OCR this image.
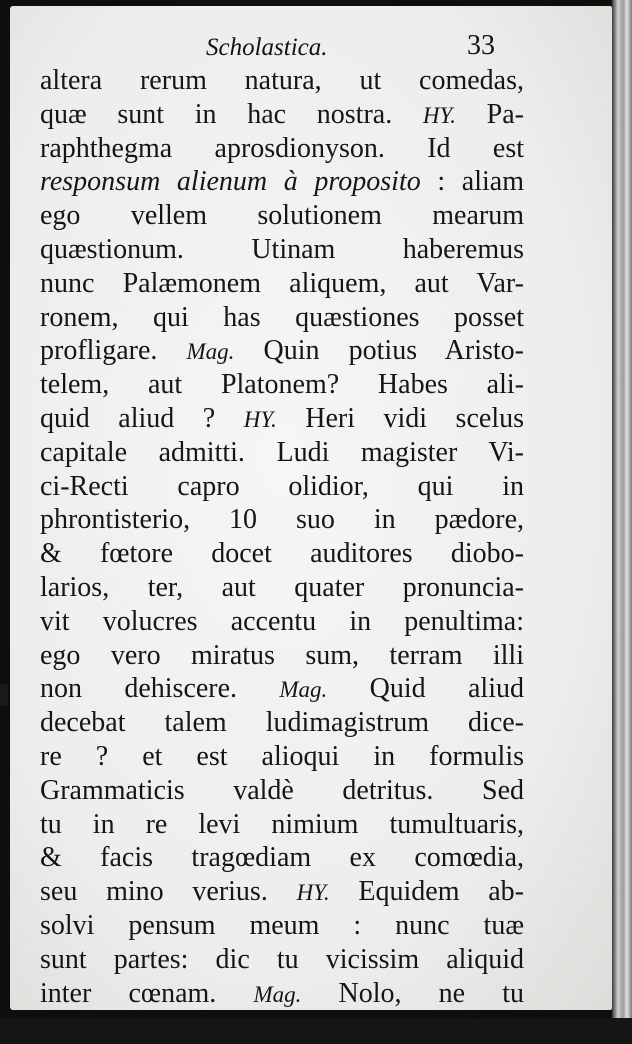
Scholastica.	33
altera rerum natura, ut comedas,
quæ sunt in hac nostra. HY. Pa-
raphthegma aprosdionyson. Id est
responsum alienum à proposito : aliam
ego vellem solutionem mearum
quæstionum. Utinam haberemus
nunc Palæmonem aliquem, aut Var-
ronem, qui has quæstiones posset
profligare. Mag. Quin potius Aristo-
telem, aut Platonem? Habes ali-
quid aliud ? HY. Heri vidi scelus
capitale admitti. Ludi magister Vi-
ci-Recti capro olidior, qui in
phrontisterio, 10 suo in pædore,
& fœtore docet auditores diobo-
larios, ter, aut quater pronuncia-
vit volucres accentu in penultima:
ego vero miratus sum, terram illi
non dehiscere. Mag. Quid aliud
decebat talem ludimagistrum dice-
re ? et est alioqui in formulis
Grammaticis valdè detritus. Sed
tu in re levi nimium tumultuaris,
& facis tragœdiam ex comœdia,
seu mino verius. HY. Equidem ab-
solvi pensum meum : nunc tuæ
sunt partes: dic tu vicissim aliquid
inter cœnam. Mag. Nolo, ne tu
mihi
